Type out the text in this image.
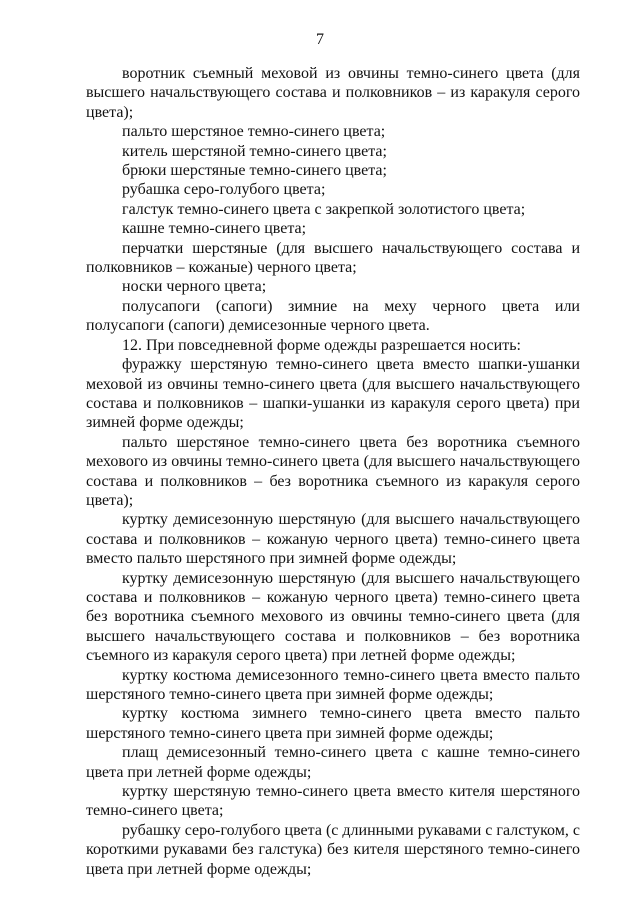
7

воротник съемный меховой из овчины темно-синего цвета (для высшего начальствующего состава и полковников – из каракуля серого цвета);

пальто шерстяное темно-синего цвета;

китель шерстяной темно-синего цвета;

брюки шерстяные темно-синего цвета;

рубашка серо-голубого цвета;

галстук темно-синего цвета с закрепкой золотистого цвета;

кашне темно-синего цвета;

перчатки шерстяные (для высшего начальствующего состава и полковников – кожаные) черного цвета;

носки черного цвета;

полусапоги (сапоги) зимние на меху черного цвета или полусапоги (сапоги) демисезонные черного цвета.

12. При повседневной форме одежды разрешается носить:

фуражку шерстяную темно-синего цвета вместо шапки-ушанки меховой из овчины темно-синего цвета (для высшего начальствующего состава и полковников – шапки-ушанки из каракуля серого цвета) при зимней форме одежды;

пальто шерстяное темно-синего цвета без воротника съемного мехового из овчины темно-синего цвета (для высшего начальствующего состава и полковников – без воротника съемного из каракуля серого цвета);

куртку демисезонную шерстяную (для высшего начальствующего состава и полковников – кожаную черного цвета) темно-синего цвета вместо пальто шерстяного при зимней форме одежды;

куртку демисезонную шерстяную (для высшего начальствующего состава и полковников – кожаную черного цвета) темно-синего цвета без воротника съемного мехового из овчины темно-синего цвета (для высшего начальствующего состава и полковников – без воротника съемного из каракуля серого цвета) при летней форме одежды;

куртку костюма демисезонного темно-синего цвета вместо пальто шерстяного темно-синего цвета при зимней форме одежды;

куртку костюма зимнего темно-синего цвета вместо пальто шерстяного темно-синего цвета при зимней форме одежды;

плащ демисезонный темно-синего цвета с кашне темно-синего цвета при летней форме одежды;

куртку шерстяную темно-синего цвета вместо кителя шерстяного темно-синего цвета;

рубашку серо-голубого цвета (с длинными рукавами с галстуком, с короткими рукавами без галстука) без кителя шерстяного темно-синего цвета при летней форме одежды;
